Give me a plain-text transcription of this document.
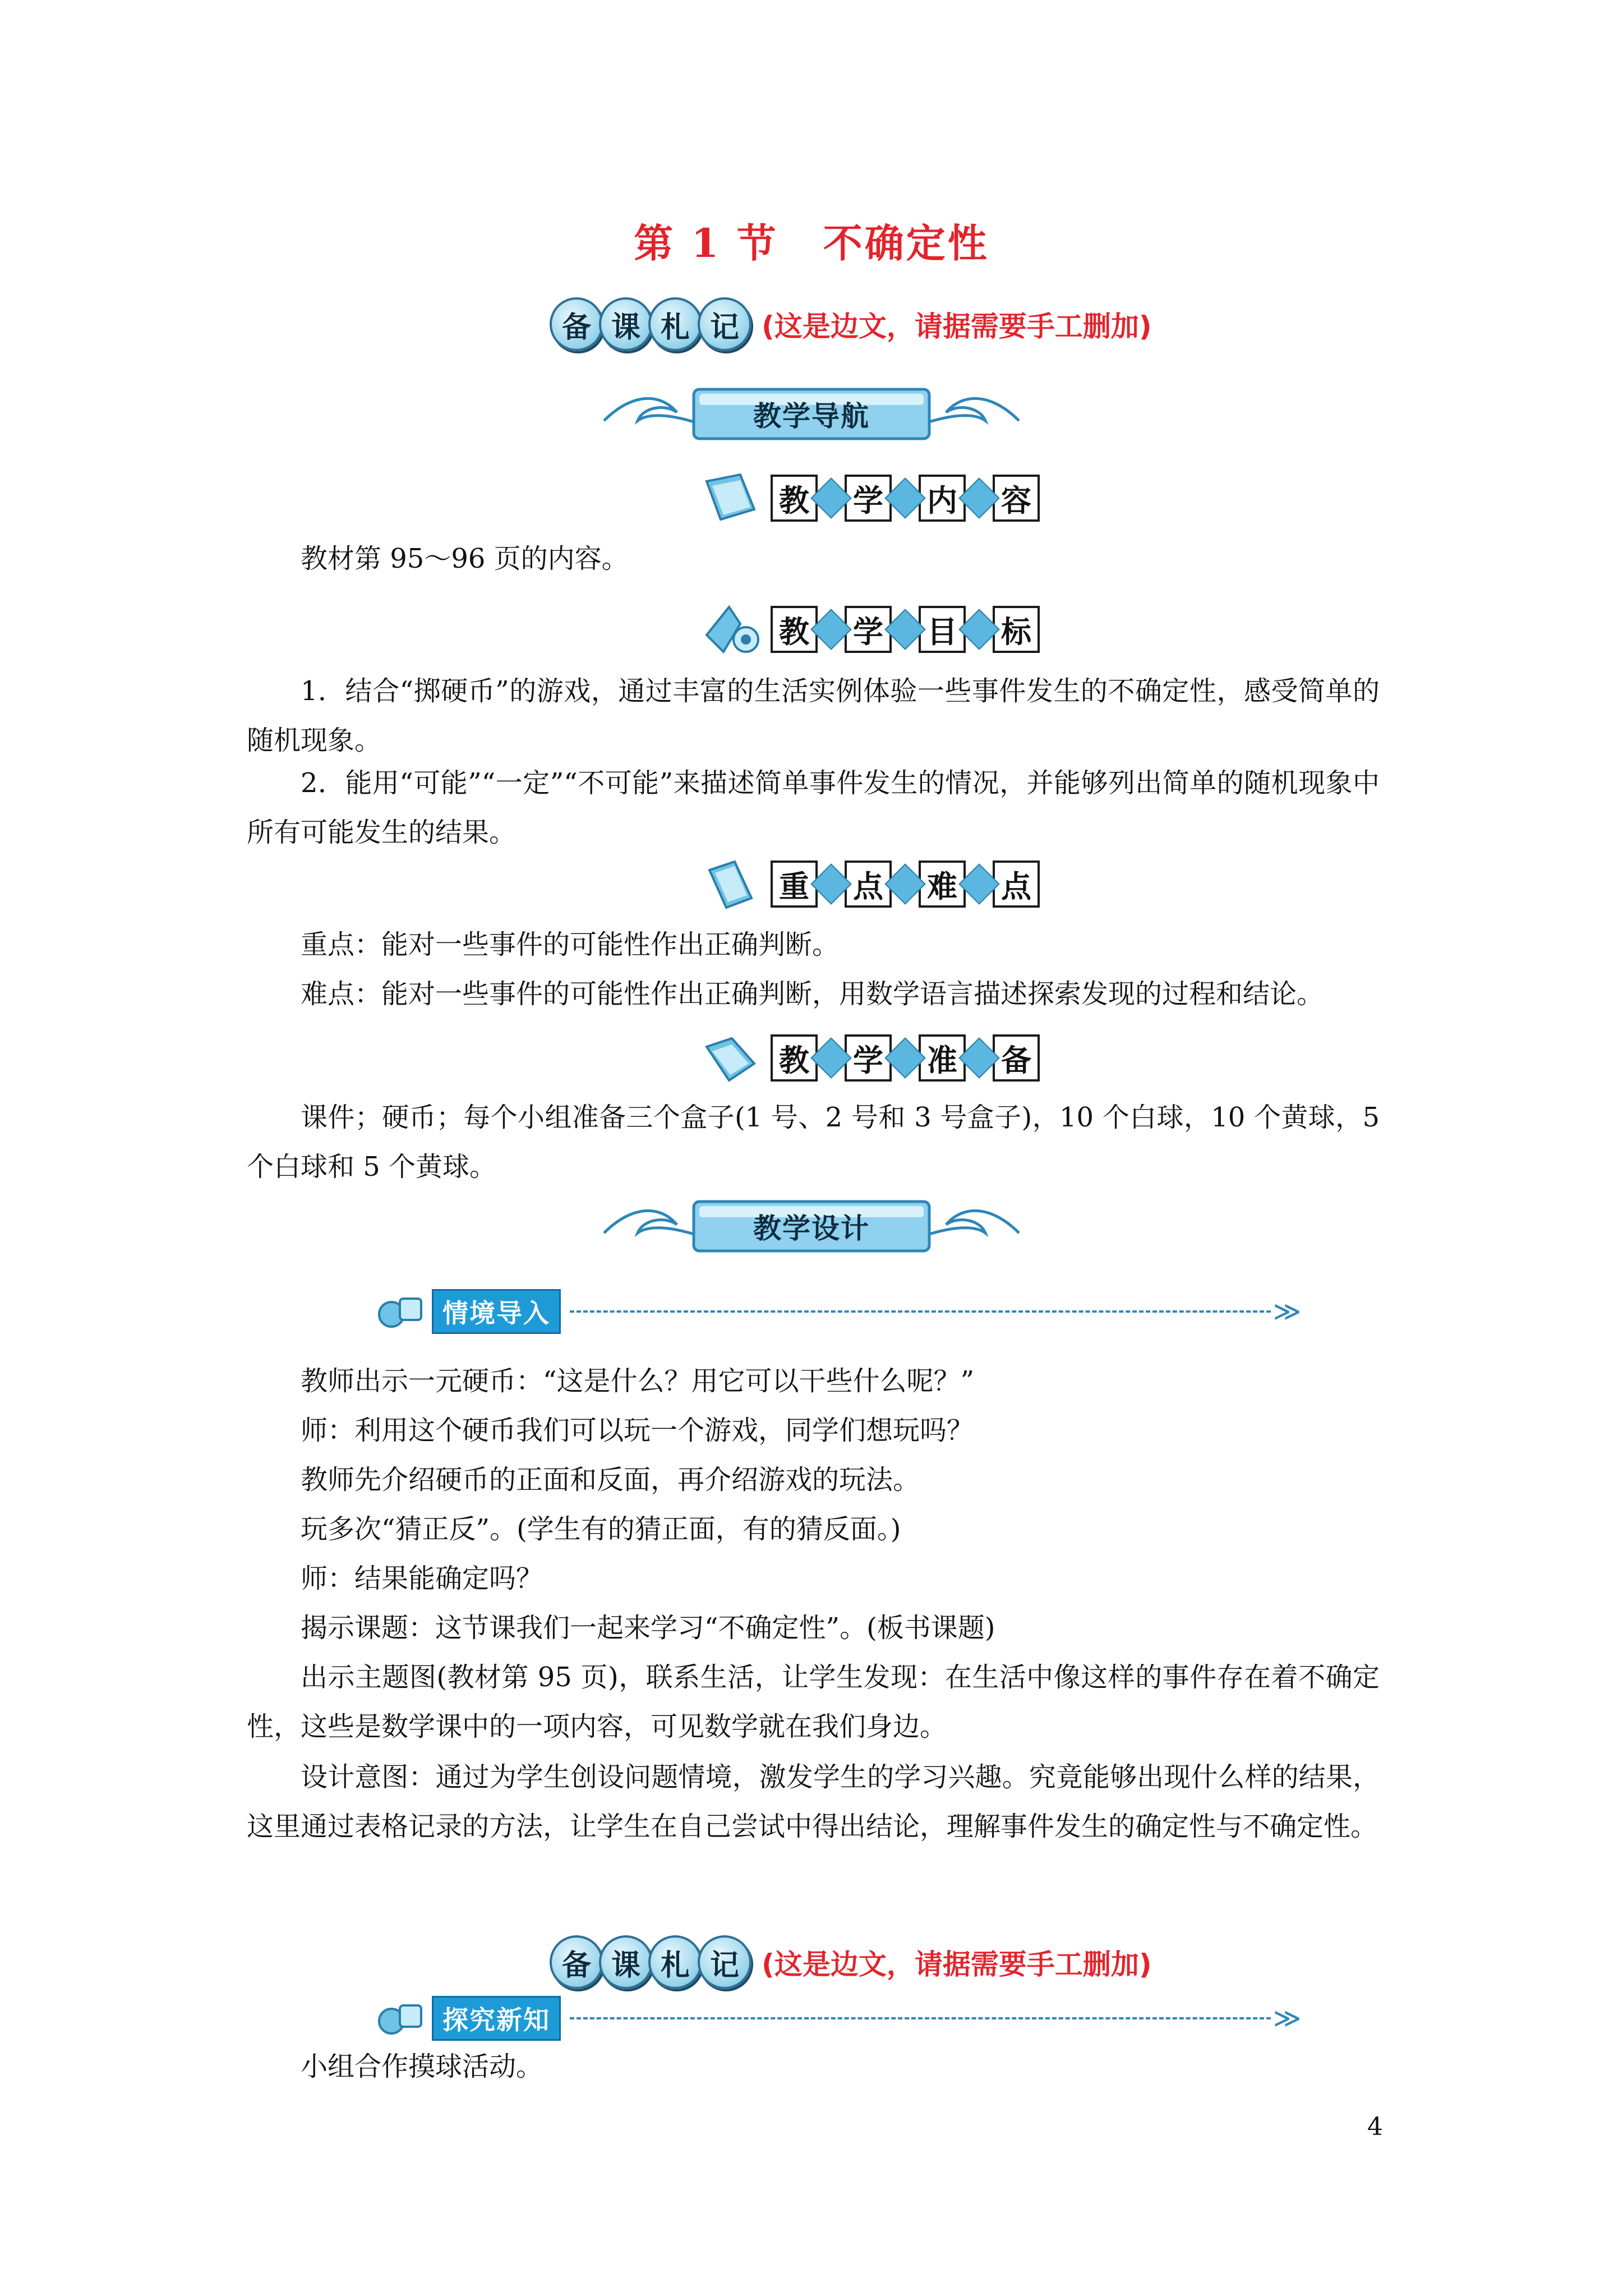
第 1 节 不确定性
备 课 札 记 (这是边文，请据需要手工删加)
教学导航
教 学 内 容

教材第 95～96 页的内容。

教 学 目 标

1．结合“掷硬币”的游戏，通过丰富的生活实例体验一些事件发生的不确定性，感受简单的随机现象。

2．能用“可能”“一定”“不可能”来描述简单事件发生的情况，并能够列出简单的随机现象中所有可能发生的结果。

重 点 难 点

重点：能对一些事件的可能性作出正确判断。

难点：能对一些事件的可能性作出正确判断，用数学语言描述探索发现的过程和结论。

教 学 准 备

课件；硬币；每个小组准备三个盒子(1 号、2 号和 3 号盒子)，10 个白球，10 个黄球，5 个白球和 5 个黄球。

教学设计
情境导入	≫

教师出示一元硬币：“这是什么？用它可以干些什么呢？”

师：利用这个硬币我们可以玩一个游戏，同学们想玩吗？

教师先介绍硬币的正面和反面，再介绍游戏的玩法。

玩多次“猜正反”。(学生有的猜正面，有的猜反面。)

师：结果能确定吗？

揭示课题：这节课我们一起来学习“不确定性”。(板书课题)

出示主题图(教材第 95 页)，联系生活，让学生发现：在生活中像这样的事件存在着不确定性，这些是数学课中的一项内容，可见数学就在我们身边。

设计意图：通过为学生创设问题情境，激发学生的学习兴趣。究竟能够出现什么样的结果，这里通过表格记录的方法，让学生在自己尝试中得出结论，理解事件发生的确定性与不确定性。

备 课 札 记 (这是边文，请据需要手工删加)
探究新知	≫

小组合作摸球活动。

4
